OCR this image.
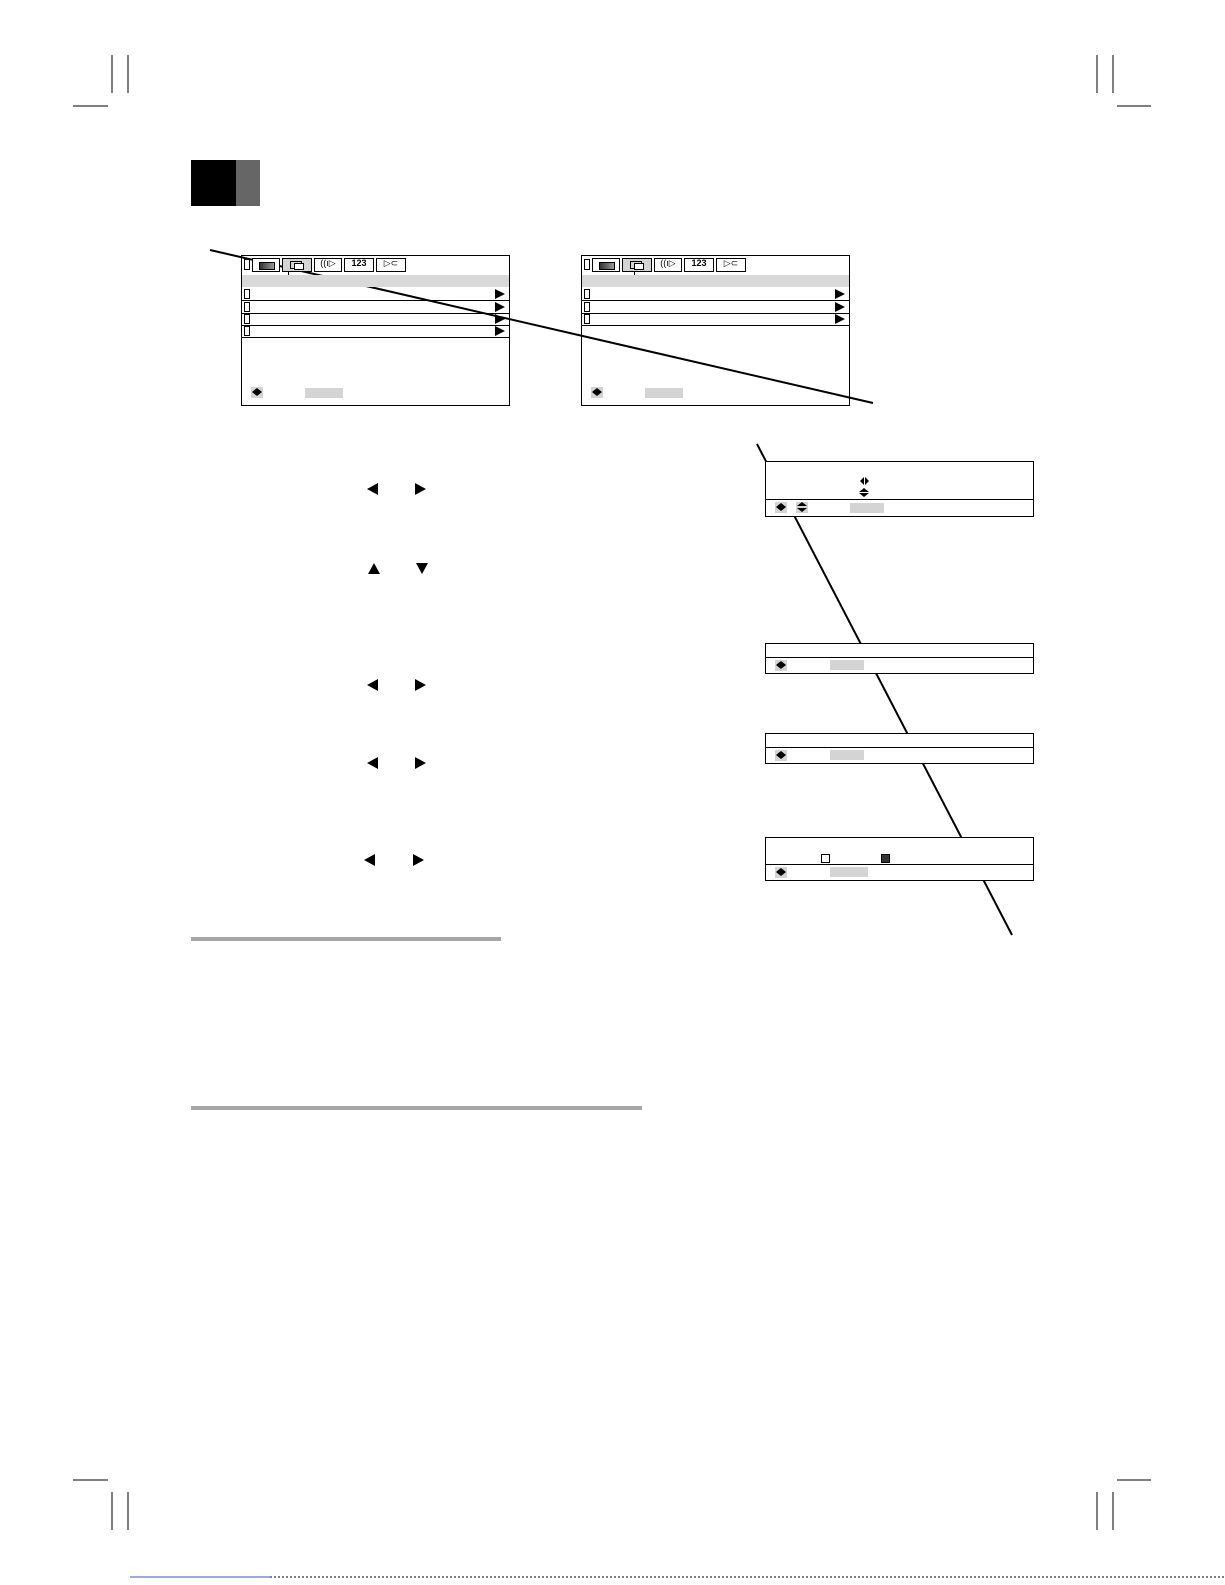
((ı▷	123	▷⊂	((ı▷	123	▷⊂
